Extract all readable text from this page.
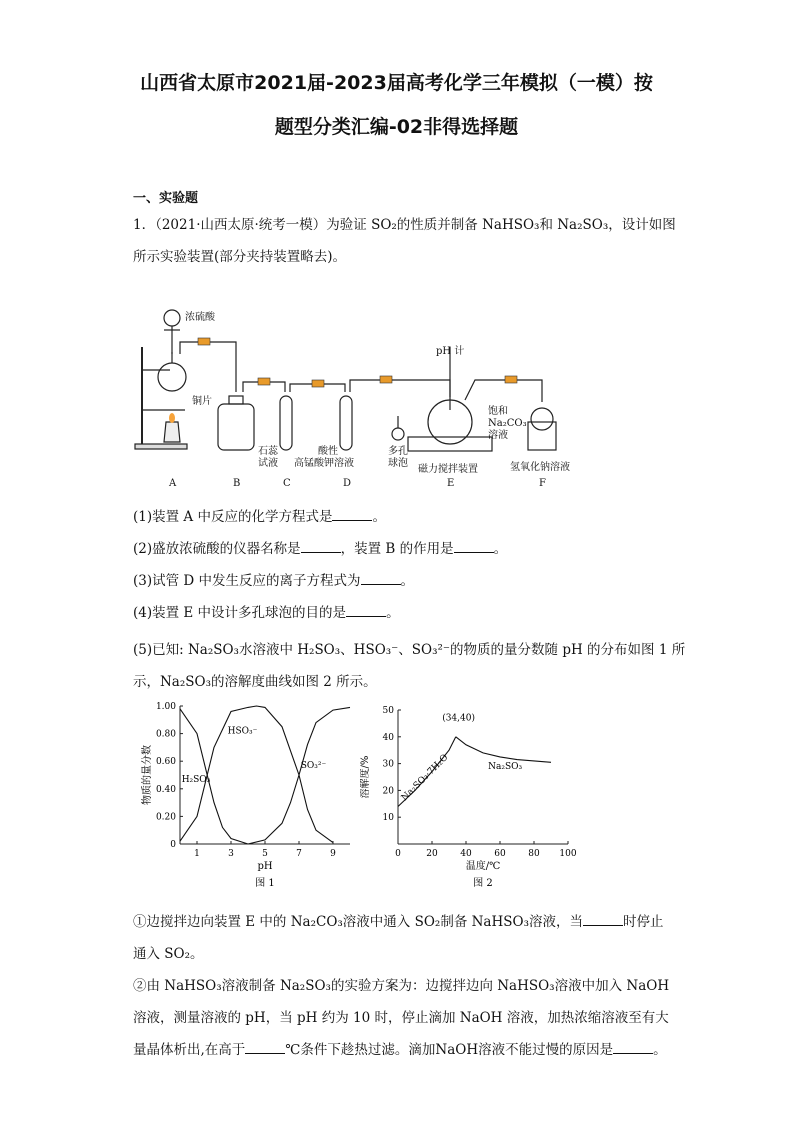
山西省太原市2021届-2023届高考化学三年模拟（一模）按
题型分类汇编-02非得选择题
一、实验题
1．（2021·山西太原·统考一模）为验证 SO₂的性质并制备 NaHSO₃和 Na₂SO₃，设计如图
所示实验装置(部分夹持装置略去)。
浓硫酸
铜片
pH 计
石蕊
试液
酸性
高锰酸钾溶液
饱和
Na₂CO₃
溶液
多孔
球泡
磁力搅拌装置	氢氧化钠溶液
A	B	C	D	E	F
(1)装置 A 中反应的化学方程式是	。
(2)盛放浓硫酸的仪器名称是	，装置 B 的作用是	。
(3)试管 D 中发生反应的离子方程式为	。
(4)装置 E 中设计多孔球泡的目的是	。
(5)已知: Na₂SO₃水溶液中 H₂SO₃、HSO₃⁻、SO₃²⁻的物质的量分数随 pH 的分布如图 1 所
示，Na₂SO₃的溶解度曲线如图 2 所示。
1	3	5	7	9
0
0.20
0.40
0.60
0.80
1.00
pH
物质的量分数
图 1
H₂SO₃
HSO₃⁻
SO₃²⁻
0	20	40	60	80 100
10
20
30
40
50
温度/℃
溶解度/%
图 2
(34,40)
Na₂SO₃·7H₂O	Na₂SO₃
①边搅拌边向装置 E 中的 Na₂CO₃溶液中通入 SO₂制备 NaHSO₃溶液，当	时停止
通入 SO₂。
②由 NaHSO₃溶液制备 Na₂SO₃的实验方案为：边搅拌边向 NaHSO₃溶液中加入 NaOH
溶液，测量溶液的 pH，当 pH 约为 10 时，停止滴加 NaOH 溶液，加热浓缩溶液至有大
量晶体析出,在高于	℃条件下趁热过滤。滴加NaOH溶液不能过慢的原因是	。
